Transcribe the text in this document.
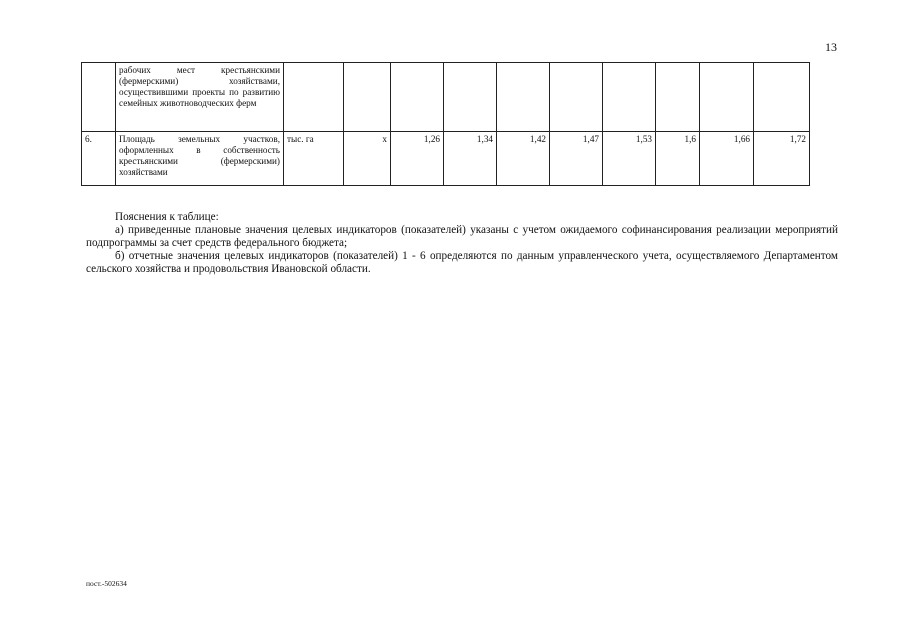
13
	рабочих мест крестьянскими (фермерскими) хозяйствами, осуществившими проекты по развитию семейных животноводческих ферм										
6.	Площадь земельных участков, оформленных в собственность крестьянскими (фермерскими) хозяйствами	тыс. га	х	1,26	1,34	1,42	1,47	1,53	1,6	1,66	1,72

Пояснения к таблице:

а) приведенные плановые значения целевых индикаторов (показателей) указаны с учетом ожидаемого софинансирования реализации мероприятий подпрограммы за счет средств федерального бюджета;

б) отчетные значения целевых индикаторов (показателей) 1 - 6 определяются по данным управленческого учета, осуществляемого Департаментом сельского хозяйства и продовольствия Ивановской области.

пост.-502634
